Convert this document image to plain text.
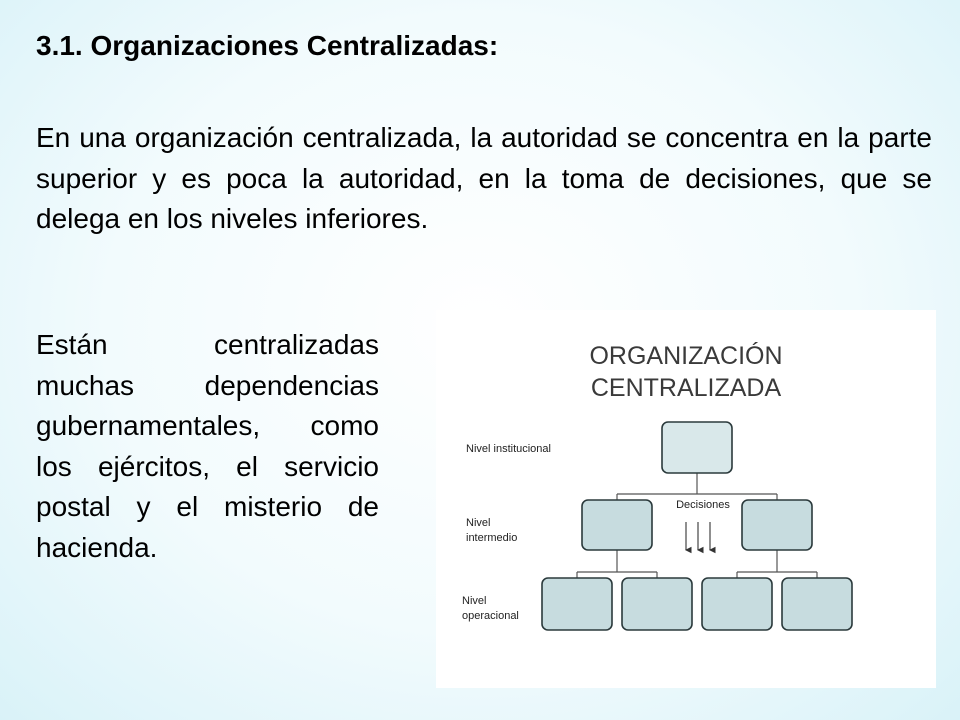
3.1. Organizaciones Centralizadas:

En una organización centralizada, la autoridad se concentra en la parte superior y es poca la autoridad, en la toma de decisiones, que se delega en los niveles inferiores.

Están centralizadas muchas dependencias gubernamentales, como los ejércitos, el servicio postal y el misterio de hacienda.

ORGANIZACIÓN
CENTRALIZADA
Nivel institucional
Nivel
intermedio
Nivel
operacional
Decisiones
